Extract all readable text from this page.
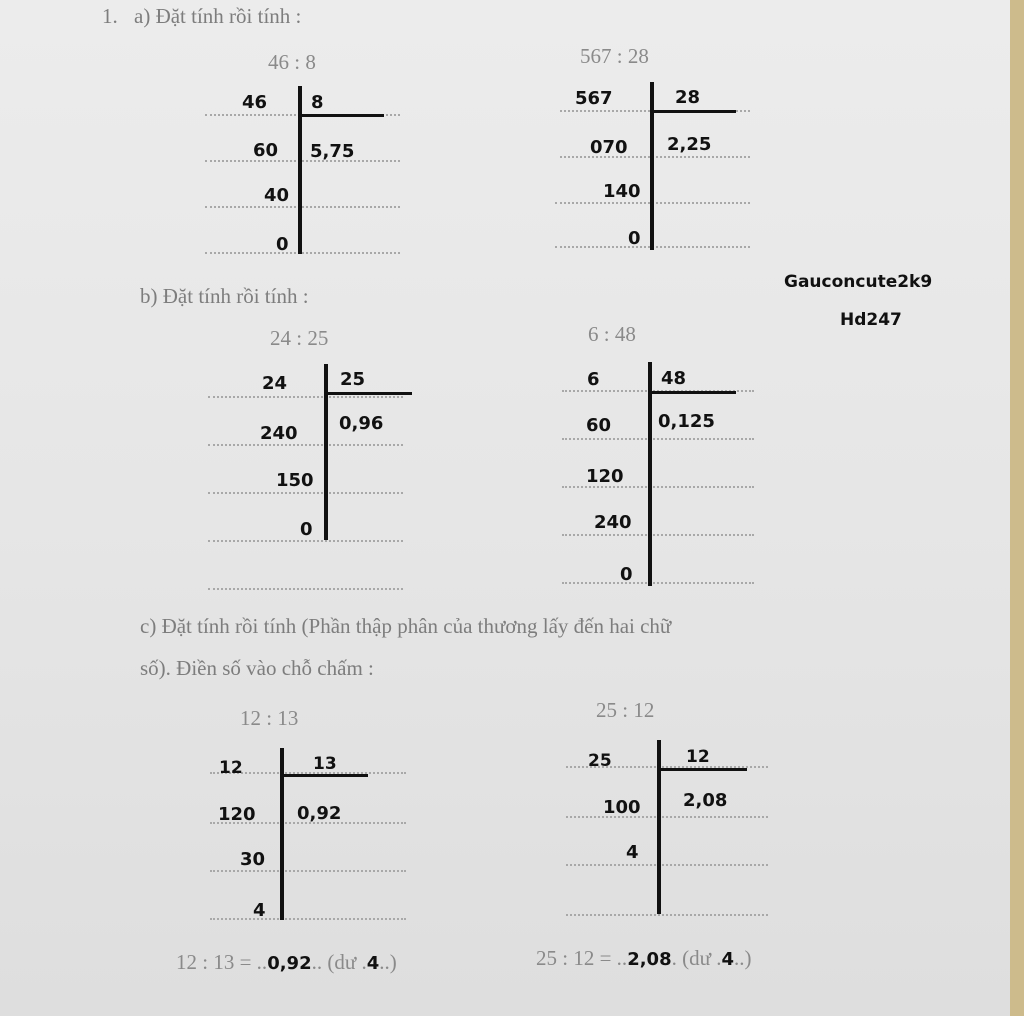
1. a) Đặt tính rồi tính :
b) Đặt tính rồi tính :
c) Đặt tính rồi tính (Phần thập phân của thương lấy đến hai chữ
số). Điền số vào chỗ chấm :
Gauconcute2k9
Hd247
46 : 8
46 8
5,75
60
40
0
567 : 28
567	28
2,25
070
140
0
24 : 25
24	25
0,96
240
150
0
6 : 48
6	48
0,125
60
120
240
0
12 : 13
12	13
0,92
120
30
4
25 : 12
25	12
2,08
100
4
12 : 13 = ..0,92.. (dư .4..)	25 : 12 = ..2,08. (dư .4..)
